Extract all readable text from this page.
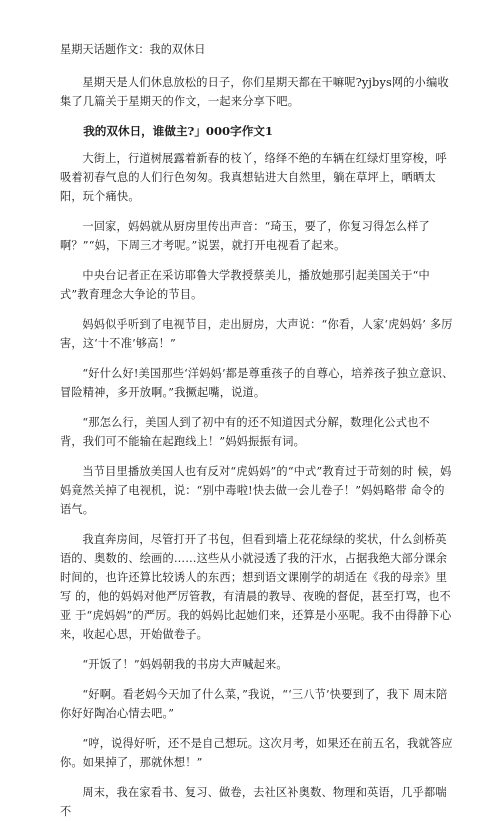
星期天话题作文：我的双休日

星期天是人们休息放松的日子，你们星期天都在干嘛呢?yjbys网的小编收 集了几篇关于星期天的作文，一起来分享下吧。

我的双休日，谁做主?」000字作文1

大街上，行道树展露着新春的枝丫，络绎不绝的车辆在红绿灯里穿梭，呼 吸着初春气息的人们行色匆匆。我真想钻进大自然里，躺在草坪上，晒晒太 阳，玩个痛快。

一回家，妈妈就从厨房里传出声音：“琦玉，要了，你复习得怎么样了啊？”“妈，下周三才考呢。”说罢，就打开电视看了起来。

中央台记者正在采访耶鲁大学教授蔡美儿，播放她那引起美国关于“中 式”教育理念大争论的节目。

妈妈似乎听到了电视节目，走出厨房，大声说：“你看，人家‘虎妈妈’ 多厉害，这‘十不准’够高！”

“好什么好!美国那些‘洋妈妈’都是尊重孩子的自尊心，培养孩子独立意识、冒险精神，多开放啊。”我撅起嘴，说道。

“那怎么行，美国人到了初中有的还不知道因式分解，数理化公式也不 背，我们可不能输在起跑线上！”妈妈振振有词。

当节目里播放美国人也有反对“虎妈妈”的“中式”教育过于苛刻的时 候，妈妈竟然关掉了电视机，说：“别中毒啦!快去做一会儿卷子！”妈妈略带 命令的语气。

我直奔房间，尽管打开了书包，但看到墙上花花绿绿的奖状，什么剑桥英 语的、奥数的、绘画的……这些从小就浸透了我的汗水，占据我绝大部分课余 时间的，也许还算比较诱人的东西；想到语文课刚学的胡适在《我的母亲》里写 的，他的妈妈对他严厉管教，有清晨的教导、夜晚的督促，甚至打骂，也不亚 于“虎妈妈”的严厉。我的妈妈比起她们来，还算是小巫呢。我不由得静下心 来，收起心思，开始做卷子。

“开饭了！”妈妈朝我的书房大声喊起来。

“好啊。看老妈今天加了什么菜，”我说，“‘三八节’快要到了，我下 周末陪你好好陶冶心情去吧。”

“哼，说得好听，还不是自己想玩。这次月考，如果还在前五名，我就答应你。如果掉了，那就休想！”

周末，我在家看书、复习、做卷，去社区补奥数、物理和英语，几乎都喘 不
